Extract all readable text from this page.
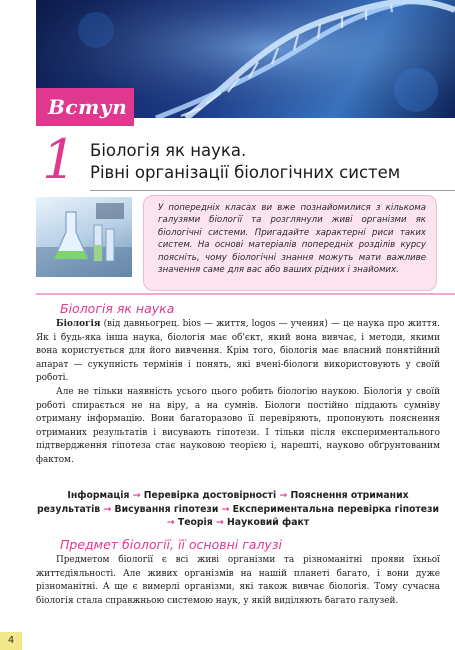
Вступ
1 Біологія як наука.
Рівні організації біологічних систем

У попередніх класах ви вже познайомилися з кількома галузями біології та розглянули живі організми як біологічні системи. Пригадайте характерні риси таких систем. На основі матеріалів попередніх розділів курсу поясніть, чому біологічні знання можуть мати важливе значення саме для вас або ваших рідних і знайомих.

Біологія як наука

Біологія (від давньогрец. bios — життя, logos — учення) — це наука про життя. Як і будь-яка інша наука, біологія має об'єкт, який вона вивчає, і методи, якими вона користується для його вивчення. Крім того, біологія має власний понятійний апарат — сукупність термінів і понять, які вчені-біологи використовують у своїй роботі.

Але не тільки наявність усього цього робить біологію наукою. Біологія у своїй роботі спирається не на віру, а на сумнів. Біологи постійно піддають сумніву отриману інформацію. Вони багаторазово її перевіряють, пропонують пояснення отриманих результатів і висувають гіпотези. І тільки після експериментального підтвердження гіпотеза стає науковою теорією і, нарешті, науково обґрунтованим фактом.

Інформація → Перевірка достовірності → Пояснення отриманих результатів → Висування гіпотези → Експериментальна перевірка гіпотези → Теорія → Науковий факт
Предмет біології, її основні галузі

Предметом біології є всі живі організми та різноманітні прояви їхньої життєдіяльності. Але живих організмів на нашій планеті багато, і вони дуже різноманітні. А ще є вимерлі організми, які також вивчає біологія. Тому сучасна біологія стала справжньою системою наук, у якій виділяють багато галузей.

4
